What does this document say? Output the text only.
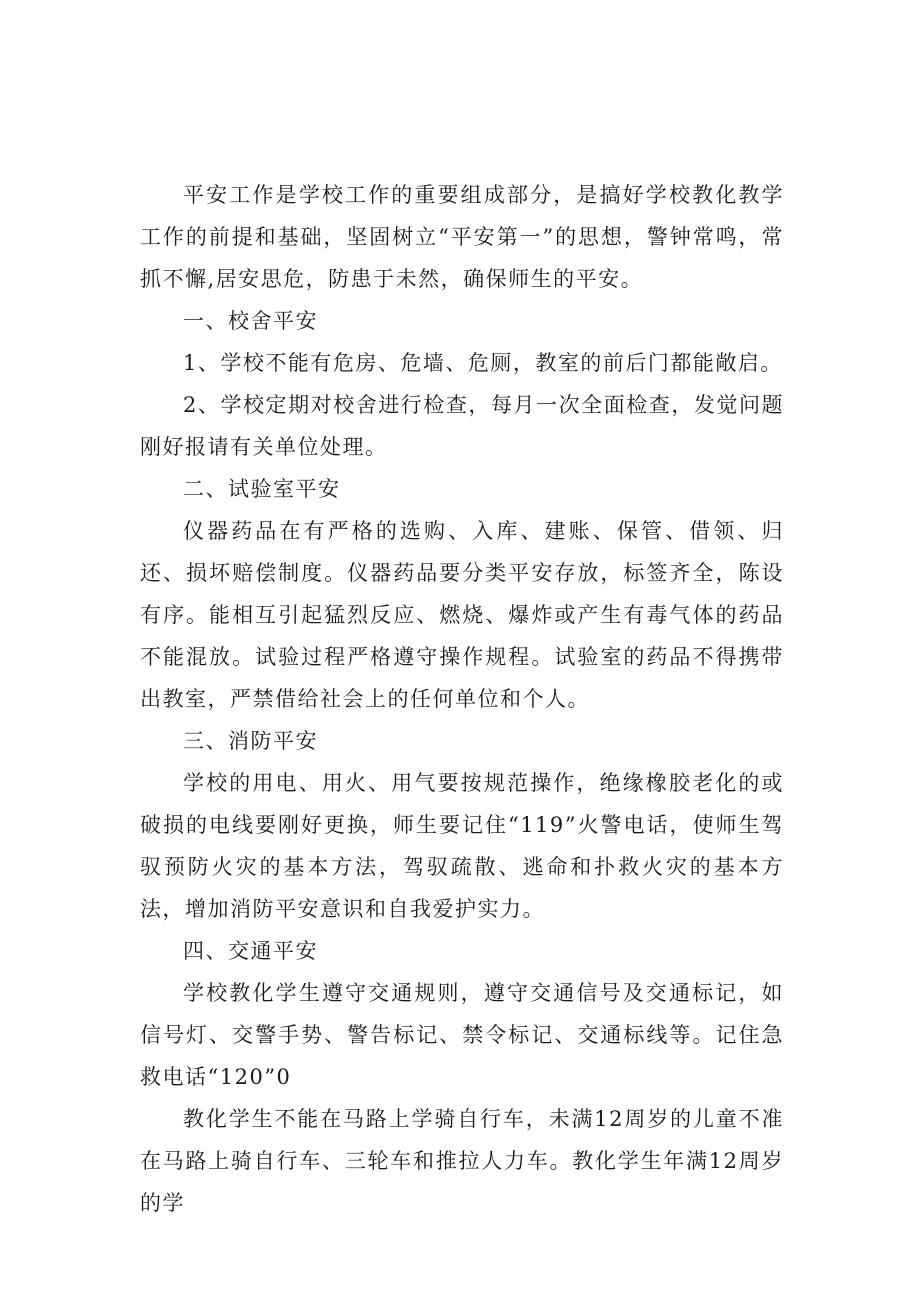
平安工作是学校工作的重要组成部分，是搞好学校教化教学工作的前提和基础，坚固树立“平安第一”的思想，警钟常鸣，常抓不懈,居安思危，防患于未然，确保师生的平安。

一、校舍平安

1、学校不能有危房、危墙、危厕，教室的前后门都能敞启。

2、学校定期对校舍进行检查，每月一次全面检查，发觉问题刚好报请有关单位处理。

二、试验室平安

仪器药品在有严格的选购、入库、建账、保管、借领、归还、损坏赔偿制度。仪器药品要分类平安存放，标签齐全，陈设有序。能相互引起猛烈反应、燃烧、爆炸或产生有毒气体的药品不能混放。试验过程严格遵守操作规程。试验室的药品不得携带出教室，严禁借给社会上的任何单位和个人。

三、消防平安

学校的用电、用火、用气要按规范操作，绝缘橡胶老化的或破损的电线要刚好更换，师生要记住“119”火警电话，使师生驾驭预防火灾的基本方法，驾驭疏散、逃命和扑救火灾的基本方法，增加消防平安意识和自我爱护实力。

四、交通平安

学校教化学生遵守交通规则，遵守交通信号及交通标记，如信号灯、交警手势、警告标记、禁令标记、交通标线等。记住急救电话“120”0

教化学生不能在马路上学骑自行车，未满12周岁的儿童不准在马路上骑自行车、三轮车和推拉人力车。教化学生年满12周岁的学
